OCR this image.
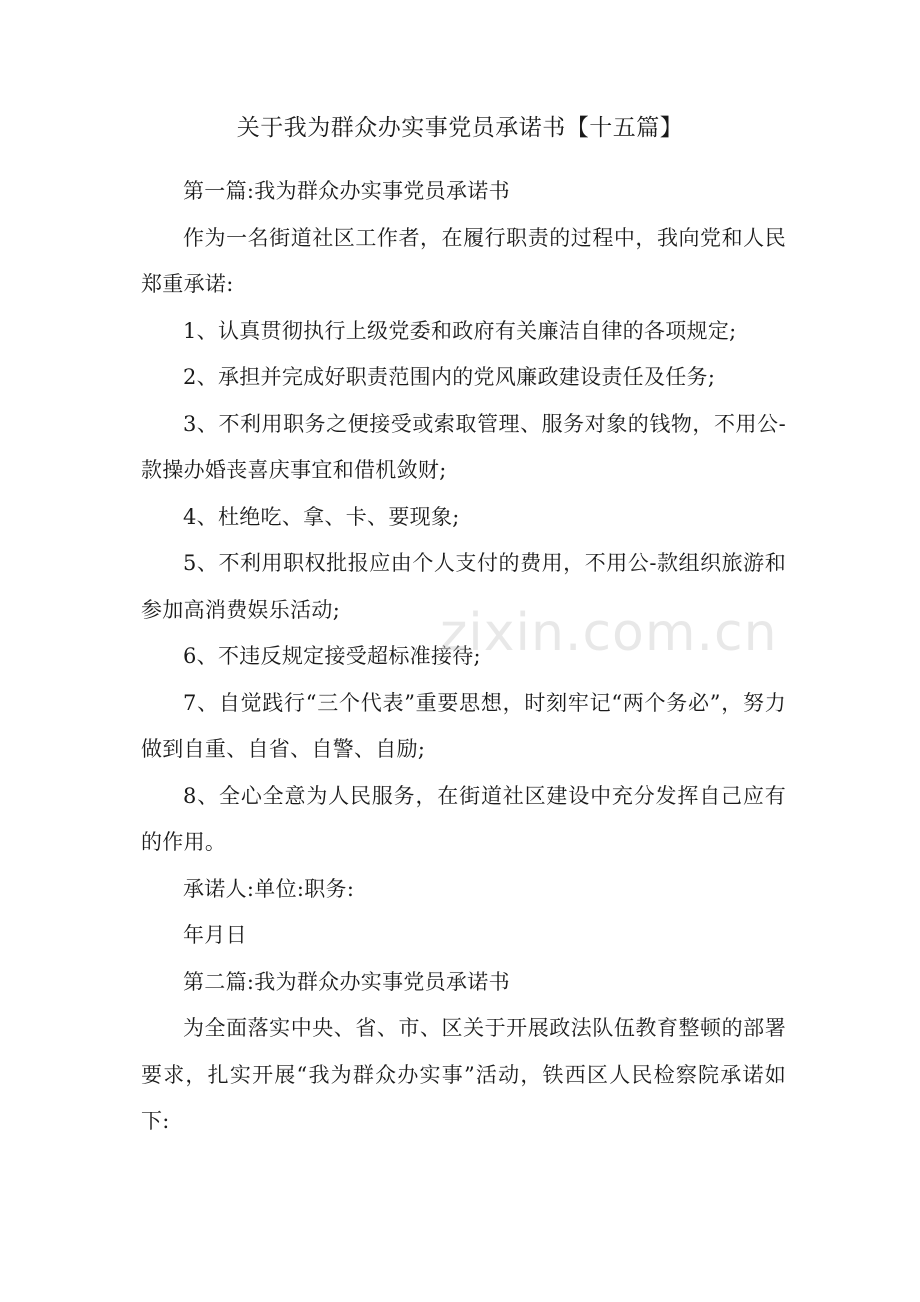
关于我为群众办实事党员承诺书【十五篇】

第一篇:我为群众办实事党员承诺书

作为一名街道社区工作者，在履行职责的过程中，我向党和人民郑重承诺:

1、认真贯彻执行上级党委和政府有关廉洁自律的各项规定;

2、承担并完成好职责范围内的党风廉政建设责任及任务;

3、不利用职务之便接受或索取管理、服务对象的钱物，不用公-款操办婚丧喜庆事宜和借机敛财;

4、杜绝吃、拿、卡、要现象;

5、不利用职权批报应由个人支付的费用，不用公-款组织旅游和参加高消费娱乐活动;

6、不违反规定接受超标准接待;

7、自觉践行“三个代表”重要思想，时刻牢记“两个务必”，努力做到自重、自省、自警、自励;

8、全心全意为人民服务，在街道社区建设中充分发挥自己应有的作用。

承诺人:单位:职务:

年月日

第二篇:我为群众办实事党员承诺书

为全面落实中央、省、市、区关于开展政法队伍教育整顿的部署要求，扎实开展“我为群众办实事”活动，铁西区人民检察院承诺如下:

zixin.com.cn
